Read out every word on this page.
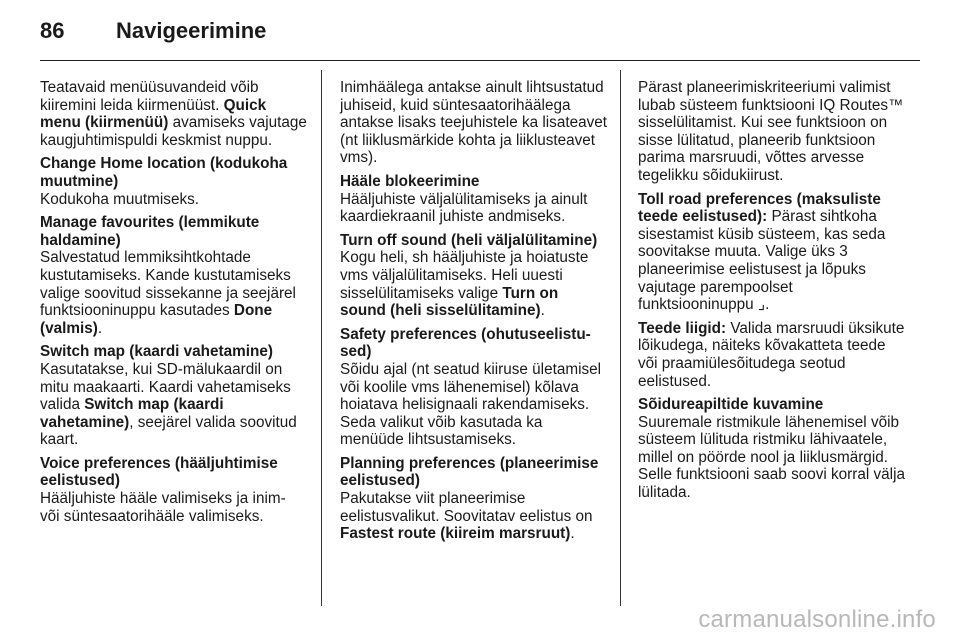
86	Navigeerimine

Teatavaid menüüsuvandeid võib kiiremini leida kiirmenüüst. Quick menu (kiirmenüü) avamiseks vajutage kaugjuhtimispuldi keskmist nuppu.

Change Home location (kodukoha muutmine)
Kodukoha muutmiseks.

Manage favourites (lemmikute haldamine)
Salvestatud lemmiksihtkohtade kustutamiseks. Kande kustutamiseks valige soovitud sissekanne ja seejärel funktsiooninuppu kasutades Done (valmis).

Switch map (kaardi vahetamine)
Kasutatakse, kui SD-mälukaardil on mitu maakaarti. Kaardi vahetamiseks valida Switch map (kaardi vahetamine), seejärel valida soovitud kaart.

Voice preferences (hääljuhtimise eelistused)
Hääljuhiste hääle valimiseks ja inim- või süntesaatorihääle valimiseks.

Inimhäälega antakse ainult lihtsustatud juhiseid, kuid süntesaatorihäälega antakse lisaks teejuhistele ka lisateavet (nt liiklusmärkide kohta ja liiklusteavet vms).

Hääle blokeerimine
Hääljuhiste väljalülitamiseks ja ainult kaardiekraanil juhiste andmiseks.

Turn off sound (heli väljalülitamine)
Kogu heli, sh hääljuhiste ja hoiatuste vms väljalülitamiseks. Heli uuesti sisselülitamiseks valige Turn on sound (heli sisselülitamine).

Safety preferences (ohutuseelistu- sed)
Sõidu ajal (nt seatud kiiruse ületamisel või koolile vms lähenemisel) kõlava hoiatava helisignaali rakendamiseks. Seda valikut võib kasutada ka menüüde lihtsustamiseks.

Planning preferences (planeerimise eelistused)
Pakutakse viit planeerimise eelistusvalikut. Soovitatav eelistus on Fastest route (kiireim marsruut).

Pärast planeerimiskriteeriumi valimist lubab süsteem funktsiooni IQ Routes™ sisselülitamist. Kui see funktsioon on sisse lülitatud, planeerib funktsioon parima marsruudi, võttes arvesse tegelikku sõidukiirust.

Toll road preferences (maksuliste teede eelistused): Pärast sihtkoha sisestamist küsib süsteem, kas seda soovitakse muuta. Valige üks 3 planeerimise eelistusest ja lõpuks vajutage parempoolset funktsiooninuppu ⌟.

Teede liigid: Valida marsruudi üksikute lõikudega, näiteks kõvakatteta teede või praamiülesõitudega seotud eelistused.

Sõidureapiltide kuvamine
Suuremale ristmikule lähenemisel võib süsteem lülituda ristmiku lähivaatele, millel on pöörde nool ja liiklusmärgid. Selle funktsiooni saab soovi korral välja lülitada.

carmanualsonline.info
